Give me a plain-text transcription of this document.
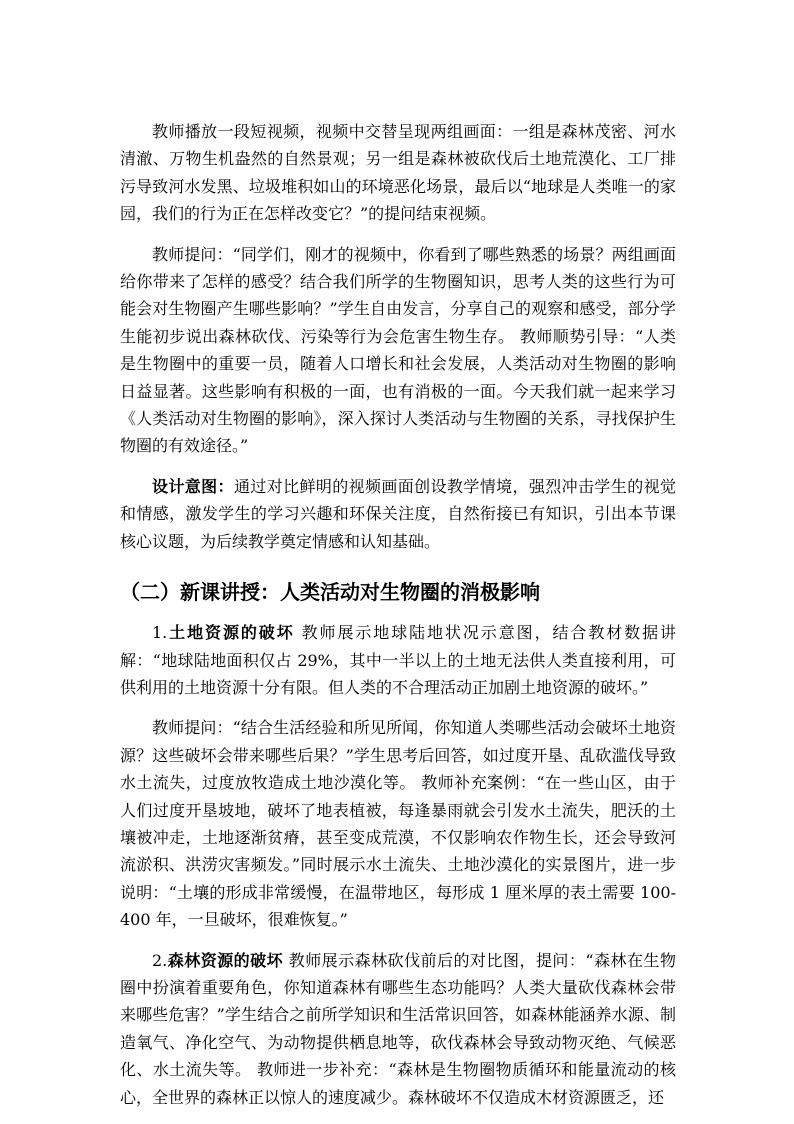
教师播放一段短视频，视频中交替呈现两组画面：一组是森林茂密、河水清澈、万物生机盎然的自然景观；另一组是森林被砍伐后土地荒漠化、工厂排污导致河水发黑、垃圾堆积如山的环境恶化场景，最后以“地球是人类唯一的家园，我们的行为正在怎样改变它？”的提问结束视频。

教师提问：“同学们，刚才的视频中，你看到了哪些熟悉的场景？两组画面给你带来了怎样的感受？结合我们所学的生物圈知识，思考人类的这些行为可能会对生物圈产生哪些影响？”学生自由发言，分享自己的观察和感受，部分学生能初步说出森林砍伐、污染等行为会危害生物生存。 教师顺势引导：“人类是生物圈中的重要一员，随着人口增长和社会发展，人类活动对生物圈的影响日益显著。这些影响有积极的一面，也有消极的一面。今天我们就一起来学习《人类活动对生物圈的影响》，深入探讨人类活动与生物圈的关系，寻找保护生物圈的有效途径。”

设计意图：通过对比鲜明的视频画面创设教学情境，强烈冲击学生的视觉和情感，激发学生的学习兴趣和环保关注度，自然衔接已有知识，引出本节课核心议题，为后续教学奠定情感和认知基础。

（二）新课讲授：人类活动对生物圈的消极影响

1.土地资源的破坏 教师展示地球陆地状况示意图，结合教材数据讲解：“地球陆地面积仅占 29%，其中一半以上的土地无法供人类直接利用，可供利用的土地资源十分有限。但人类的不合理活动正加剧土地资源的破坏。”

教师提问：“结合生活经验和所见所闻，你知道人类哪些活动会破坏土地资源？这些破坏会带来哪些后果？”学生思考后回答，如过度开垦、乱砍滥伐导致水土流失，过度放牧造成土地沙漠化等。 教师补充案例：“在一些山区，由于人们过度开垦坡地，破坏了地表植被，每逢暴雨就会引发水土流失，肥沃的土壤被冲走，土地逐渐贫瘠，甚至变成荒漠，不仅影响农作物生长，还会导致河流淤积、洪涝灾害频发。”同时展示水土流失、土地沙漠化的实景图片，进一步说明：“土壤的形成非常缓慢，在温带地区，每形成 1 厘米厚的表土需要 100-400 年，一旦破坏，很难恢复。”

2.森林资源的破坏 教师展示森林砍伐前后的对比图，提问：“森林在生物圈中扮演着重要角色，你知道森林有哪些生态功能吗？人类大量砍伐森林会带来哪些危害？”学生结合之前所学知识和生活常识回答，如森林能涵养水源、制造氧气、净化空气、为动物提供栖息地等，砍伐森林会导致动物灭绝、气候恶化、水土流失等。 教师进一步补充：“森林是生物圈物质循环和能量流动的核心，全世界的森林正以惊人的速度减少。森林破坏不仅造成木材资源匮乏，还
